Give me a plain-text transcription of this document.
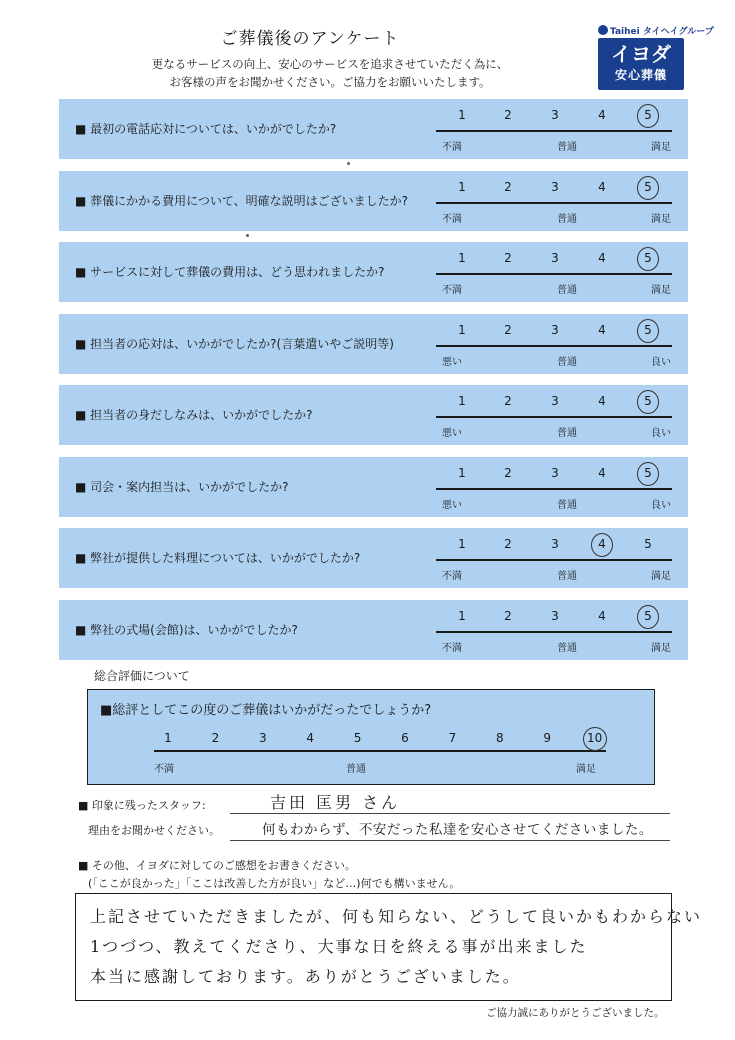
ご葬儀後のアンケート
更なるサービスの向上、安心のサービスを追求させていただく為に、
お客様の声をお聞かせください。ご協力をお願いいたします。
Taihei タイヘイグループ
イヨダ
安心葬儀
■ 最初の電話応対については、いかがでしたか?
1	2	3	4	5
不満	普通	満足
■ 葬儀にかかる費用について、明確な説明はございましたか?
1	2	3	4	5
不満	普通	満足
■ サービスに対して葬儀の費用は、どう思われましたか?
1	2	3	4	5
不満	普通	満足
■ 担当者の応対は、いかがでしたか?(言葉遣いやご説明等)
1	2	3	4	5
悪い	普通	良い
■ 担当者の身だしなみは、いかがでしたか?
1	2	3	4	5
悪い	普通	良い
■ 司会・案内担当は、いかがでしたか?
1	2	3	4	5
悪い	普通	良い
■ 弊社が提供した料理については、いかがでしたか?
1	2	3	4	5
不満	普通	満足
■ 弊社の式場(会館)は、いかがでしたか?
1	2	3	4	5
不満	普通	満足
総合評価について
■総評としてこの度のご葬儀はいかがだったでしょうか?
不満	普通	満足
1	2	3	4	5	6	7	8	9	10
■ 印象に残ったスタッフ:	吉田 匡男 さん
理由をお聞かせください。	何もわからず、不安だった私達を安心させてくださいました。
■ その他、イヨダに対してのご感想をお書きください。
(「ここが良かった」「ここは改善した方が良い」など…)何でも構いません。
上記させていただきましたが、何も知らない、どうして良いかもわからない
1つづつ、教えてくださり、大事な日を終える事が出来ました
本当に感謝しております。ありがとうございました。
ご協力誠にありがとうございました。
